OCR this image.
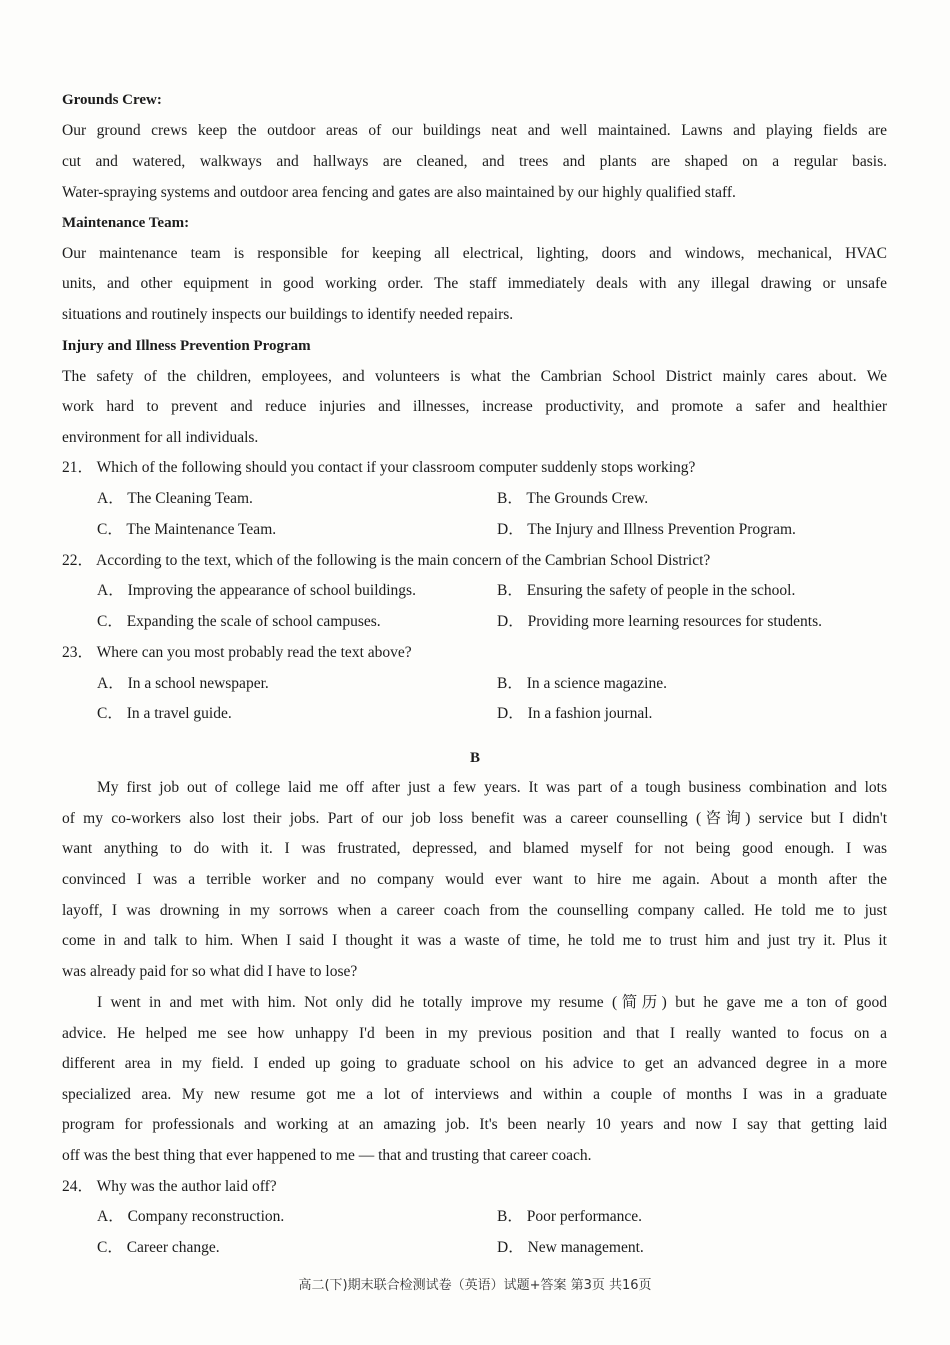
Grounds Crew:
Our ground crews keep the outdoor areas of our buildings neat and well maintained. Lawns and playing fields are
cut and watered, walkways and hallways are cleaned, and trees and plants are shaped on a regular basis.
Water-spraying systems and outdoor area fencing and gates are also maintained by our highly qualified staff.
Maintenance Team:
Our maintenance team is responsible for keeping all electrical, lighting, doors and windows, mechanical, HVAC
units, and other equipment in good working order. The staff immediately deals with any illegal drawing or unsafe
situations and routinely inspects our buildings to identify needed repairs.
Injury and Illness Prevention Program
The safety of the children, employees, and volunteers is what the Cambrian School District mainly cares about. We
work hard to prevent and reduce injuries and illnesses, increase productivity, and promote a safer and healthier
environment for all individuals.
21． Which of the following should you contact if your classroom computer suddenly stops working?
A． The Cleaning Team.	B． The Grounds Crew.
C． The Maintenance Team.	D． The Injury and Illness Prevention Program.
22． According to the text, which of the following is the main concern of the Cambrian School District?
A． Improving the appearance of school buildings.	B． Ensuring the safety of people in the school.
C． Expanding the scale of school campuses.	D． Providing more learning resources for students.
23． Where can you most probably read the text above?
A． In a school newspaper.	B． In a science magazine.
C． In a travel guide.	D． In a fashion journal.
B
My first job out of college laid me off after just a few years. It was part of a tough business combination and lots
of my co-workers also lost their jobs. Part of our job loss benefit was a career counselling (咨询) service but I didn't
want anything to do with it. I was frustrated, depressed, and blamed myself for not being good enough. I was
convinced I was a terrible worker and no company would ever want to hire me again. About a month after the
layoff, I was drowning in my sorrows when a career coach from the counselling company called. He told me to just
come in and talk to him. When I said I thought it was a waste of time, he told me to trust him and just try it. Plus it
was already paid for so what did I have to lose?
I went in and met with him. Not only did he totally improve my resume (简历) but he gave me a ton of good
advice. He helped me see how unhappy I'd been in my previous position and that I really wanted to focus on a
different area in my field. I ended up going to graduate school on his advice to get an advanced degree in a more
specialized area. My new resume got me a lot of interviews and within a couple of months I was in a graduate
program for professionals and working at an amazing job. It's been nearly 10 years and now I say that getting laid
off was the best thing that ever happened to me — that and trusting that career coach.
24． Why was the author laid off?
A． Company reconstruction.	B． Poor performance.
C． Career change.	D． New management.
高二(下)期末联合检测试卷（英语）试题+答案 第3页 共16页
